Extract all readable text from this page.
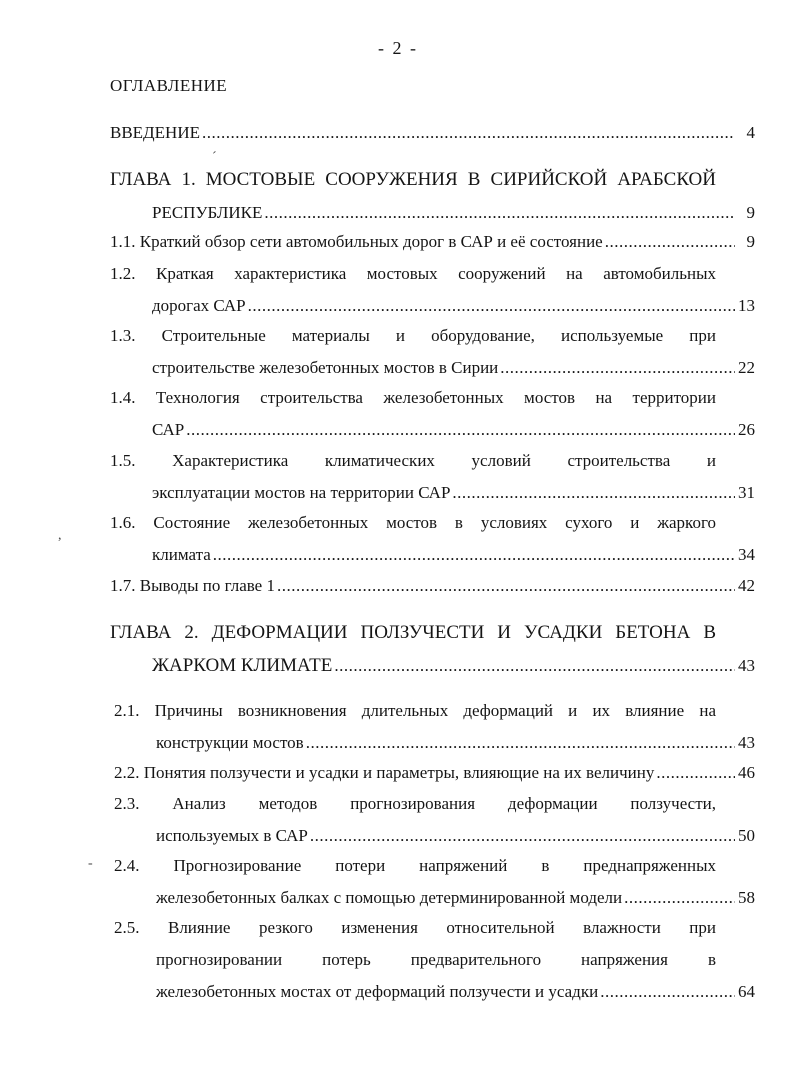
- 2 -
ОГЛАВЛЕНИЕ
ˊ
,
-
ВВЕДЕНИЕ .....	4
ГЛАВА 1. МОСТОВЫЕ СООРУЖЕНИЯ В СИРИЙСКОЙ АРАБСКОЙ
РЕСПУБЛИКЕ .....	9
1.1. Краткий обзор сети автомобильных дорог в САР и её состояние .....	9
1.2. Краткая характеристика мостовых сооружений на автомобильных
дорогах САР .....	13
1.3. Строительные материалы и оборудование, используемые при
строительстве железобетонных мостов в Сирии .....	22
1.4. Технология строительства железобетонных мостов на территории
САР .....	26
1.5. Характеристика климатических условий строительства и
эксплуатации мостов на территории САР .....	31
1.6. Состояние железобетонных мостов в условиях сухого и жаркого
климата .....	34
1.7. Выводы по главе 1 .....	42
ГЛАВА 2. ДЕФОРМАЦИИ ПОЛЗУЧЕСТИ И УСАДКИ БЕТОНА В
ЖАРКОМ КЛИМАТЕ .....	43
2.1. Причины возникновения длительных деформаций и их влияние на
конструкции мостов .....	43
2.2. Понятия ползучести и усадки и параметры, влияющие на их величину .....	46
2.3. Анализ методов прогнозирования деформации ползучести,
используемых в САР .....	50
2.4. Прогнозирование потери напряжений в преднапряженных
железобетонных балках с помощью детерминированной модели .....	58
2.5. Влияние резкого изменения относительной влажности при
прогнозировании потерь предварительного напряжения в
железобетонных мостах от деформаций ползучести и усадки .....	64
